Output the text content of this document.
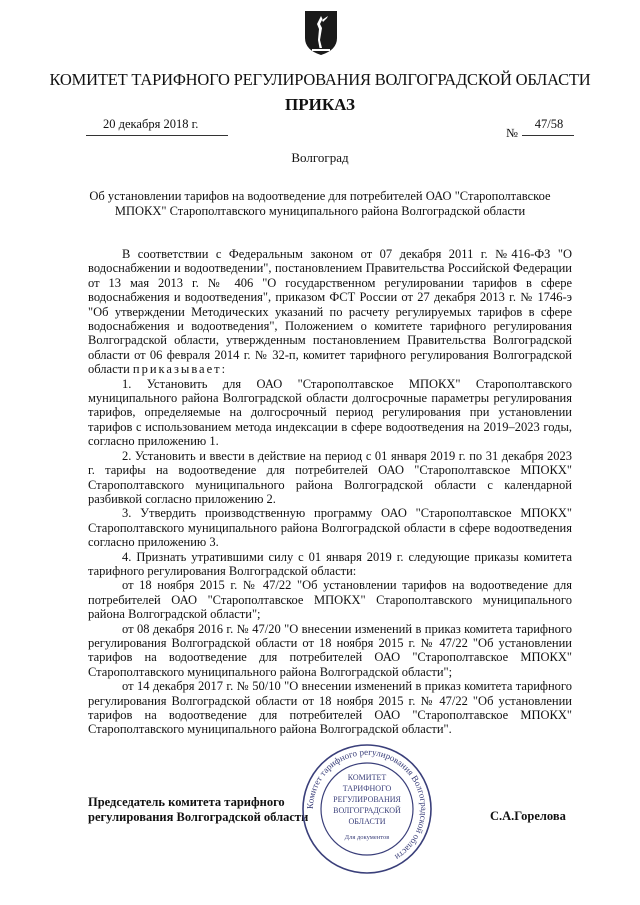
КОМИТЕТ ТАРИФНОГО РЕГУЛИРОВАНИЯ ВОЛГОГРАДСКОЙ ОБЛАСТИ
ПРИКАЗ
20 декабря 2018 г.
№
47/58
Волгоград
Об установлении тарифов на водоотведение для потребителей ОАО "Старополтавское МПОКХ" Старополтавского муниципального района Волгоградской области

В соответствии с Федеральным законом от 07 декабря 2011 г. №416-ФЗ "О водоснабжении и водоотведении", постановлением Правительства Российской Федерации от 13 мая 2013 г. № 406 "О государственном регулировании тарифов в сфере водоснабжения и водоотведения", приказом ФСТ России от 27 декабря 2013 г. № 1746-э "Об утверждении Методических указаний по расчету регулируемых тарифов в сфере водоснабжения и водоотведения", Положением о комитете тарифного регулирования Волгоградской области, утвержденным постановлением Правительства Волгоградской области от 06 февраля 2014 г. № 32-п, комитет тарифного регулирования Волгоградской области приказывает:

1. Установить для ОАО "Старополтавское МПОКХ" Старополтавского муниципального района Волгоградской области долгосрочные параметры регулирования тарифов, определяемые на долгосрочный период регулирования при установлении тарифов с использованием метода индексации в сфере водоотведения на 2019–2023 годы, согласно приложению 1.

2. Установить и ввести в действие на период с 01 января 2019 г. по 31 декабря 2023 г. тарифы на водоотведение для потребителей ОАО "Старополтавское МПОКХ" Старополтавского муниципального района Волгоградской области с календарной разбивкой согласно приложению 2.

3. Утвердить производственную программу ОАО "Старополтавское МПОКХ" Старополтавского муниципального района Волгоградской области в сфере водоотведения согласно приложению 3.

4. Признать утратившими силу с 01 января 2019 г. следующие приказы комитета тарифного регулирования Волгоградской области:

от 18 ноября 2015 г. № 47/22 "Об установлении тарифов на водоотведение для потребителей ОАО "Старополтавское МПОКХ" Старополтавского муниципального района Волгоградской области";

от 08 декабря 2016 г. № 47/20 "О внесении изменений в приказ комитета тарифного регулирования Волгоградской области от 18 ноября 2015 г. № 47/22 "Об установлении тарифов на водоотведение для потребителей ОАО "Старополтавское МПОКХ" Старополтавского муниципального района Волгоградской области";

от 14 декабря 2017 г. № 50/10 "О внесении изменений в приказ комитета тарифного регулирования Волгоградской области от 18 ноября 2015 г. № 47/22 "Об установлении тарифов на водоотведение для потребителей ОАО "Старополтавское МПОКХ" Старополтавского муниципального района Волгоградской области".

Председатель комитета тарифного
регулирования Волгоградской области	С.А.Горелова
Комитет тарифного регулирования Волгоградской области
КОМИТЕТ
ТАРИФНОГО
РЕГУЛИРОВАНИЯ
ВОЛГОГРАДСКОЙ
ОБЛАСТИ
Для документов
